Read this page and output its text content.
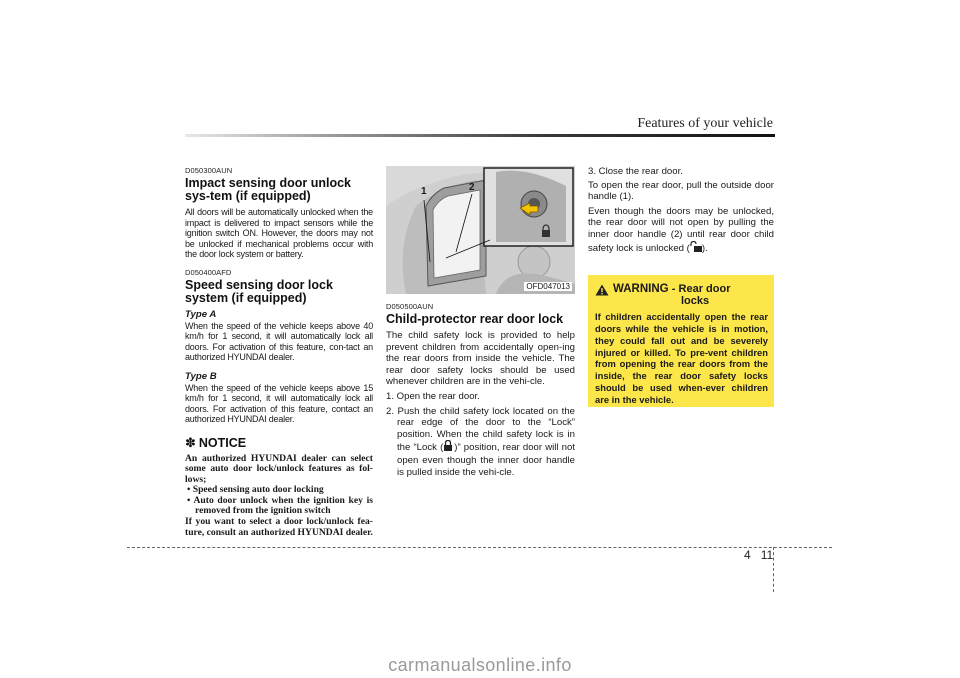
Features of your vehicle

D050300AUN

Impact sensing door unlock sys-tem (if equipped)

All doors will be automatically unlocked when the impact is delivered to impact sensors while the ignition switch ON. However, the doors may not be unlocked if mechanical problems occur with the door lock system or battery.

D050400AFD

Speed sensing door lock system (if equipped)

Type A

When the speed of the vehicle keeps above 40 km/h for 1 second, it will automatically lock all doors. For activation of this feature, con-tact an authorized HYUNDAI dealer.

Type B

When the speed of the vehicle keeps above 15 km/h for 1 second, it will automatically lock all doors. For activation of this feature, contact an authorized HYUNDAI dealer.

✽ NOTICE

An authorized HYUNDAI dealer can select some auto door lock/unlock features as fol-lows;

• Speed sensing auto door locking
• Auto door unlock when the ignition key is removed from the ignition switch

If you want to select a door lock/unlock fea-ture, consult an authorized HYUNDAI dealer.

1	2
OFD047013

D050500AUN

Child-protector rear door lock

The child safety lock is provided to help prevent children from accidentally open-ing the rear doors from inside the vehicle. The rear door safety locks should be used whenever children are in the vehi-cle.

1. Open the rear door.

2. Push the child safety lock located on the rear edge of the door to the “Lock” position. When the child safety lock is in the “Lock ( )” position, rear door will not open even though the inner door handle is pulled inside the vehi-cle.

3. Close the rear door.

To open the rear door, pull the outside door handle (1).

Even though the doors may be unlocked, the rear door will not open by pulling the inner door handle (2) until rear door child safety lock is unlocked ( ).

WARNING - Rear door
locks

If children accidentally open the rear doors while the vehicle is in motion, they could fall out and be severely injured or killed. To pre-vent children from opening the rear doors from the inside, the rear door safety locks should be used when-ever children are in the vehicle.

4 11
carmanualsonline.info
